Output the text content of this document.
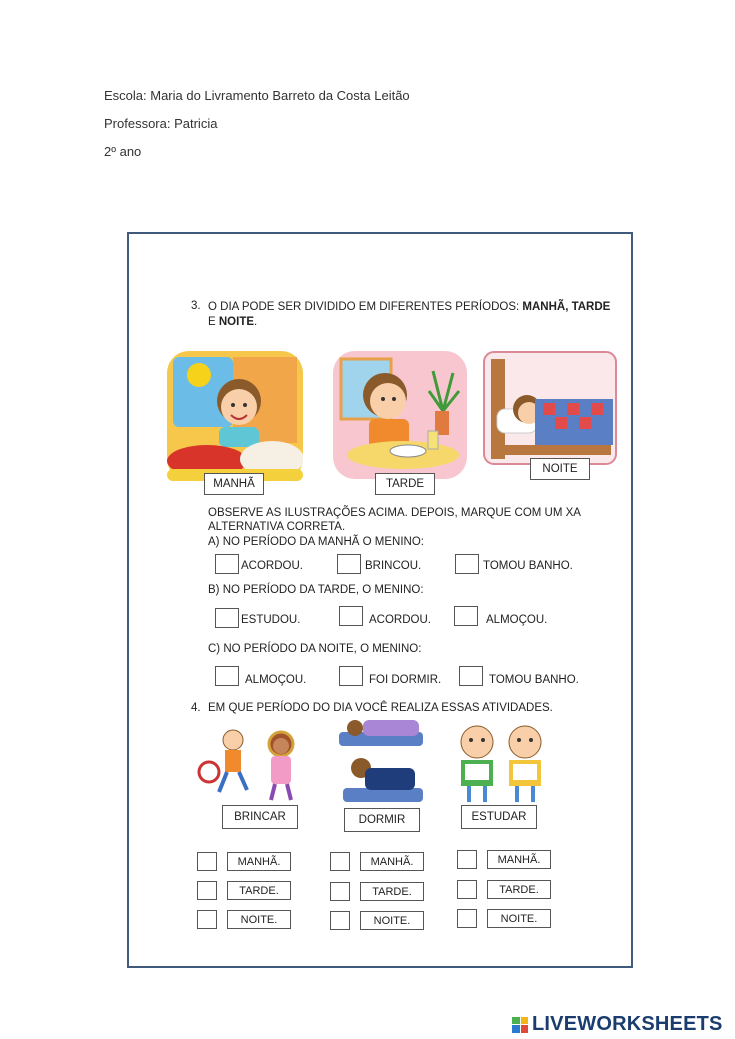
Escola: Maria do Livramento Barreto da Costa Leitão
Professora: Patricia
2º ano
3. O DIA PODE SER DIVIDIDO EM DIFERENTES PERÍODOS: MANHÃ, TARDE
E NOITE.
MANHÃ	TARDE
NOITE
OBSERVE AS ILUSTRAÇÕES ACIMA. DEPOIS, MARQUE COM UM XA ALTERNATIVA CORRETA.
A) NO PERÍODO DA MANHÃ O MENINO:
ACORDOU.	BRINCOU.	TOMOU BANHO.
B) NO PERÍODO DA TARDE, O MENINO:
ESTUDOU.	ACORDOU.	ALMOÇOU.
C) NO PERÍODO DA NOITE, O MENINO:
ALMOÇOU.	FOI DORMIR.	TOMOU BANHO.
4. EM QUE PERÍODO DO DIA VOCÊ REALIZA ESSAS ATIVIDADES.
BRINCAR	DORMIR	ESTUDAR
MANHÃ.
TARDE.
NOITE.
MANHÃ.
TARDE.
NOITE.
MANHÃ.
TARDE.
NOITE.
LIVEWORKSHEETS
